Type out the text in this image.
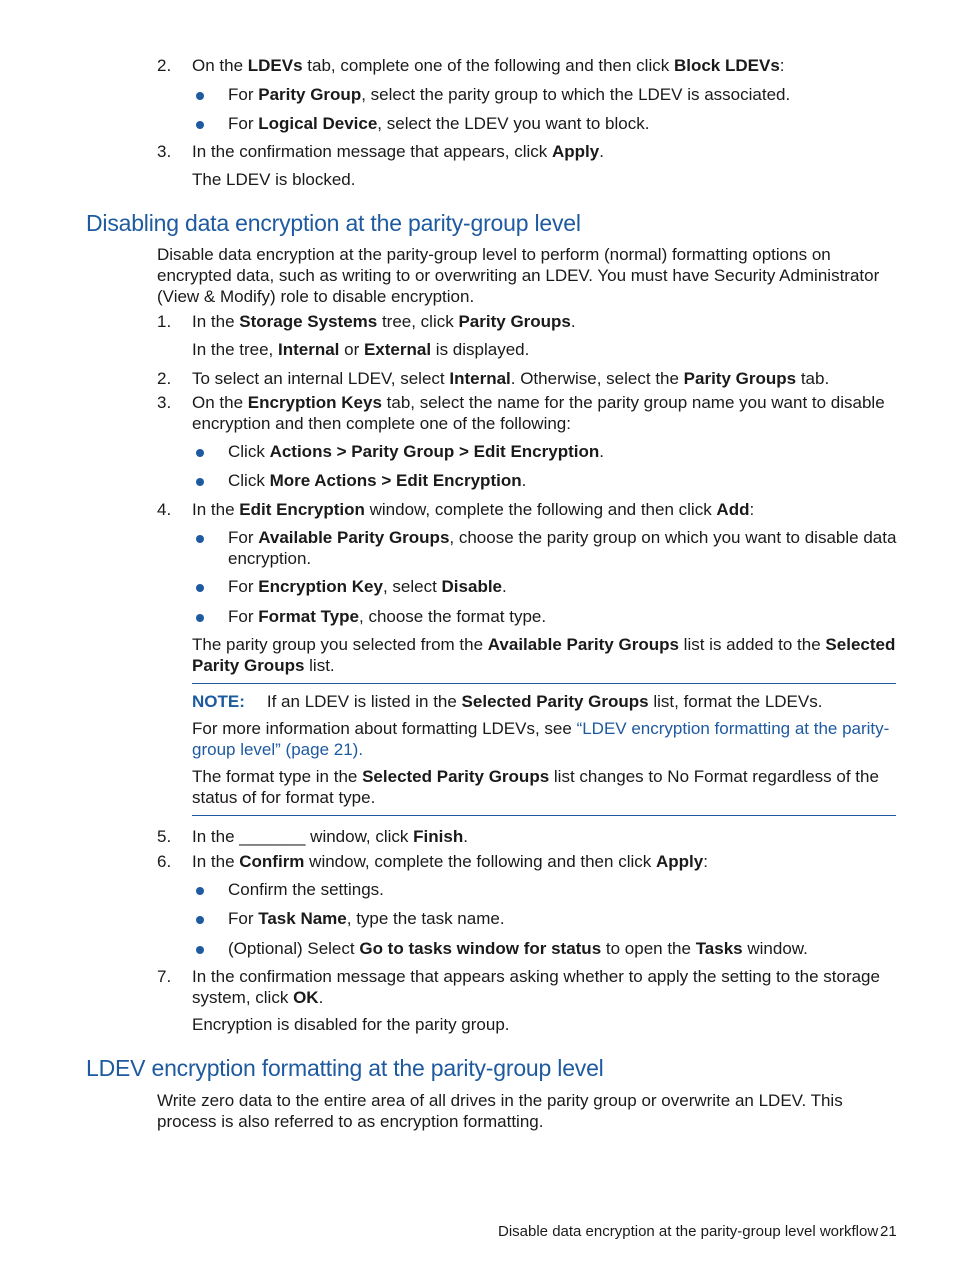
2. On the LDEVs tab, complete one of the following and then click Block LDEVs:
For Parity Group, select the parity group to which the LDEV is associated.
For Logical Device, select the LDEV you want to block.
3. In the confirmation message that appears, click Apply.
The LDEV is blocked.
Disabling data encryption at the parity-group level
Disable data encryption at the parity-group level to perform (normal) formatting options on encrypted data, such as writing to or overwriting an LDEV. You must have Security Administrator (View & Modify) role to disable encryption.
1. In the Storage Systems tree, click Parity Groups.
In the tree, Internal or External is displayed.
2. To select an internal LDEV, select Internal. Otherwise, select the Parity Groups tab.
3. On the Encryption Keys tab, select the name for the parity group name you want to disable encryption and then complete one of the following:
Click Actions > Parity Group > Edit Encryption.
Click More Actions > Edit Encryption.
4. In the Edit Encryption window, complete the following and then click Add:
For Available Parity Groups, choose the parity group on which you want to disable data encryption.
For Encryption Key, select Disable.
For Format Type, choose the format type.
The parity group you selected from the Available Parity Groups list is added to the Selected Parity Groups list.
NOTE: If an LDEV is listed in the Selected Parity Groups list, format the LDEVs.
For more information about formatting LDEVs, see “LDEV encryption formatting at the parity-group level” (page 21).
The format type in the Selected Parity Groups list changes to No Format regardless of the status of for format type.
5. In the _______ window, click Finish.
6. In the Confirm window, complete the following and then click Apply:
Confirm the settings.
For Task Name, type the task name.
(Optional) Select Go to tasks window for status to open the Tasks window.
7. In the confirmation message that appears asking whether to apply the setting to the storage system, click OK.
Encryption is disabled for the parity group.
LDEV encryption formatting at the parity-group level
Write zero data to the entire area of all drives in the parity group or overwrite an LDEV. This process is also referred to as encryption formatting.
Disable data encryption at the parity-group level workflow 21
